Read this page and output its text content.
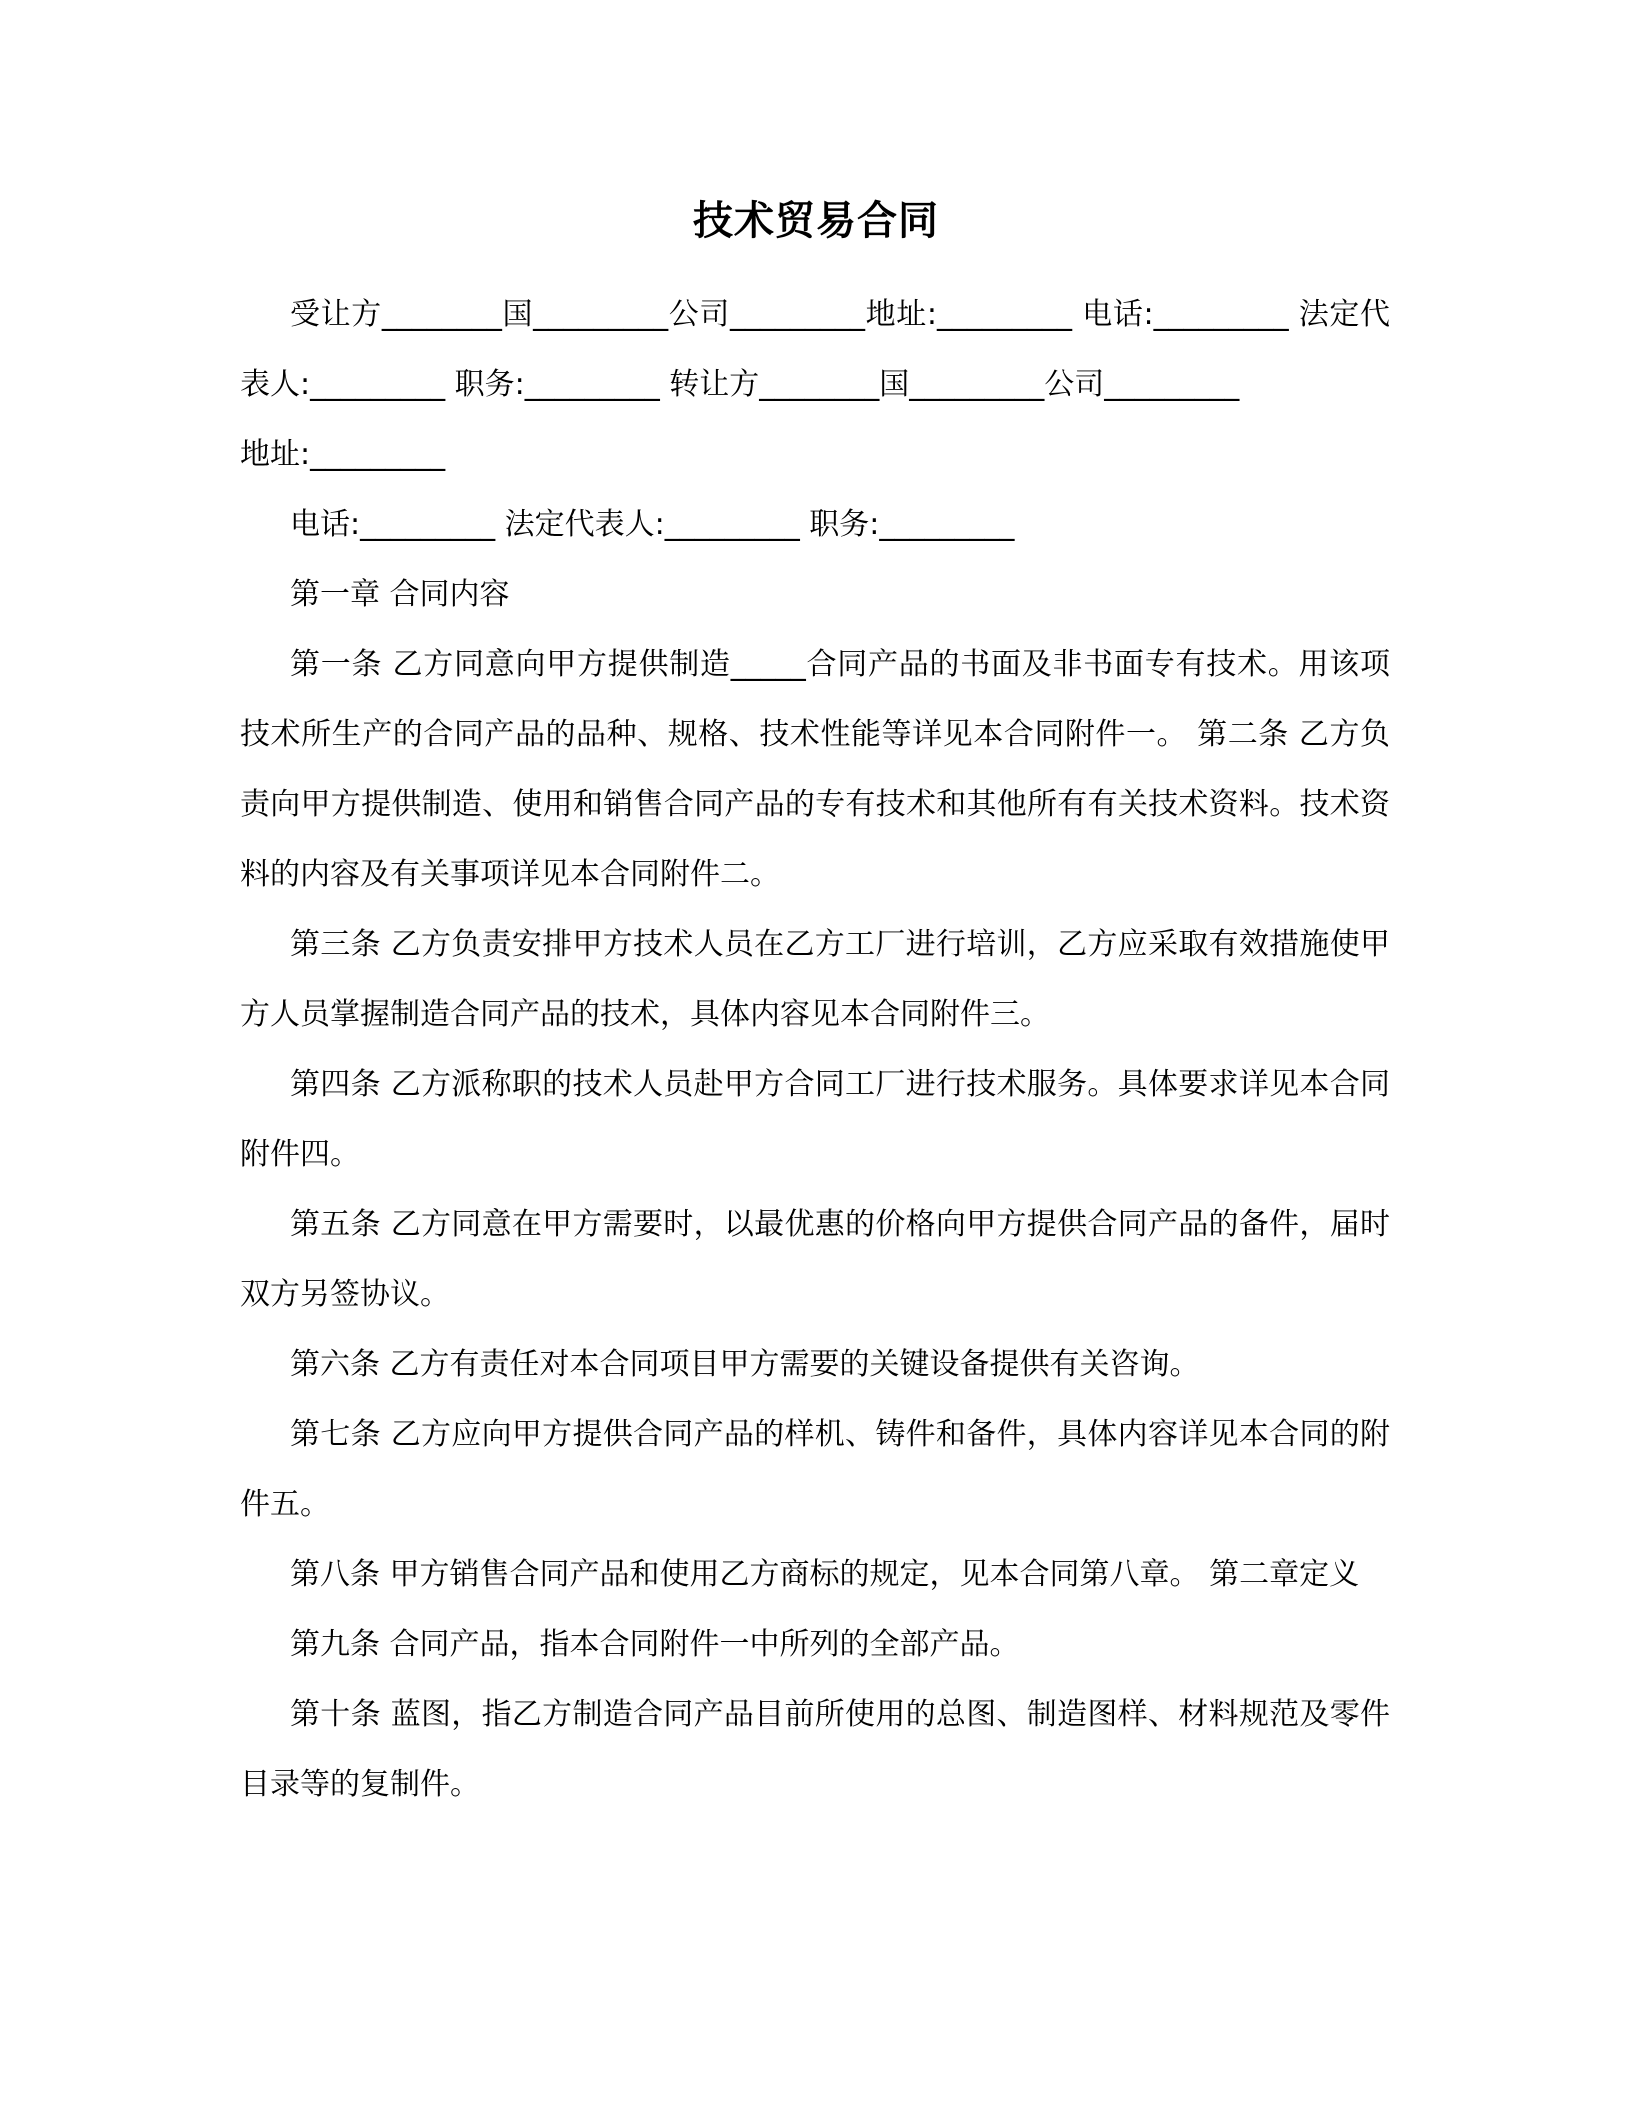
技术贸易合同

受让方________国_________公司_________地址:_________ 电话:_________ 法定代表人:_________ 职务:_________ 转让方________国_________公司_________

地址:_________

电话:_________ 法定代表人:_________ 职务:_________

第一章 合同内容

第一条 乙方同意向甲方提供制造_____合同产品的书面及非书面专有技术。用该项技术所生产的合同产品的品种、规格、技术性能等详见本合同附件一。 第二条 乙方负责向甲方提供制造、使用和销售合同产品的专有技术和其他所有有关技术资料。技术资料的内容及有关事项详见本合同附件二。

第三条 乙方负责安排甲方技术人员在乙方工厂进行培训，乙方应采取有效措施使甲方人员掌握制造合同产品的技术，具体内容见本合同附件三。

第四条 乙方派称职的技术人员赴甲方合同工厂进行技术服务。具体要求详见本合同附件四。

第五条 乙方同意在甲方需要时，以最优惠的价格向甲方提供合同产品的备件，届时双方另签协议。

第六条 乙方有责任对本合同项目甲方需要的关键设备提供有关咨询。

第七条 乙方应向甲方提供合同产品的样机、铸件和备件，具体内容详见本合同的附件五。

第八条 甲方销售合同产品和使用乙方商标的规定，见本合同第八章。 第二章定义

第九条 合同产品，指本合同附件一中所列的全部产品。

第十条 蓝图，指乙方制造合同产品目前所使用的总图、制造图样、材料规范及零件目录等的复制件。
